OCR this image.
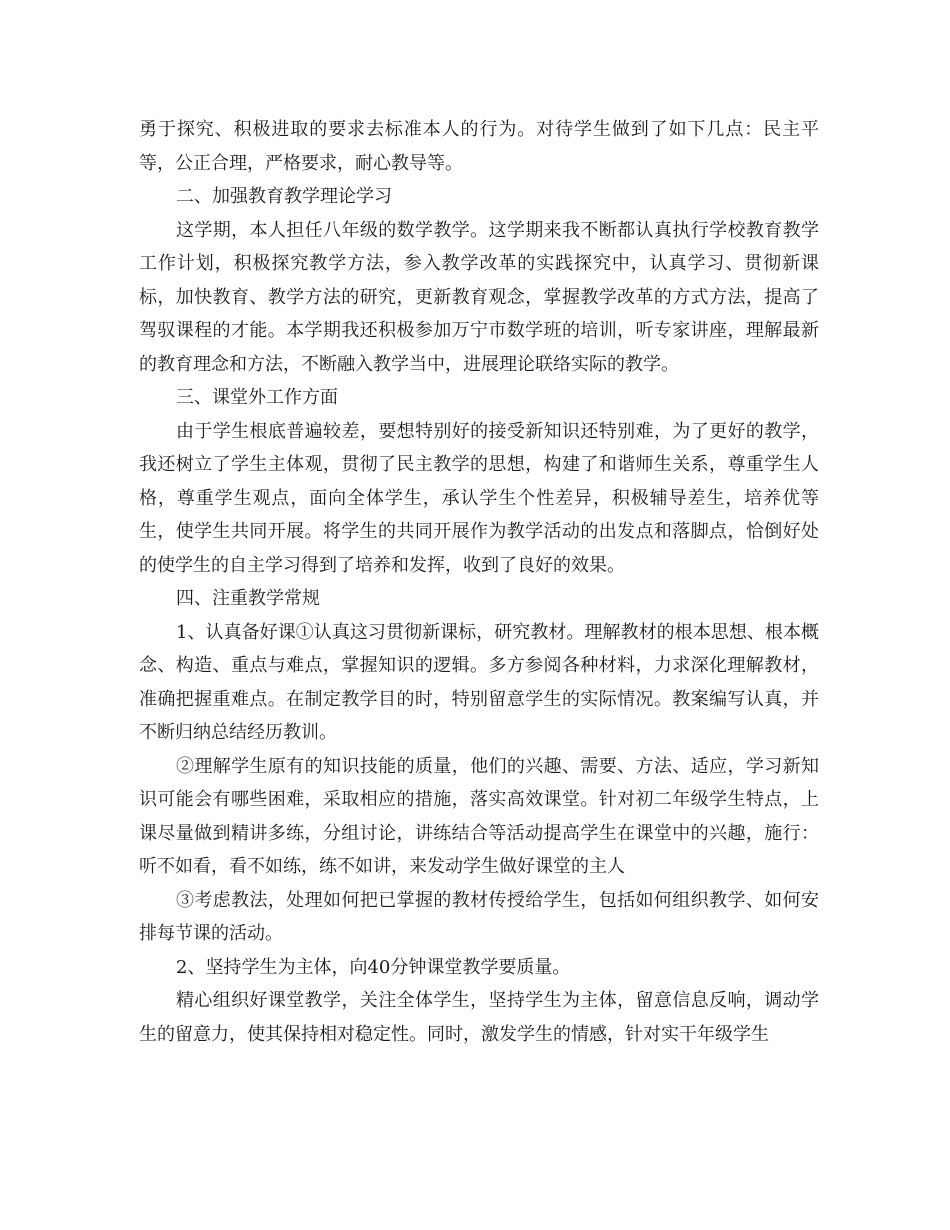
勇于探究、积极进取的要求去标准本人的行为。对待学生做到了如下几点：民主平等，公正合理，严格要求，耐心教导等。

二、加强教育教学理论学习

这学期，本人担任八年级的数学教学。这学期来我不断都认真执行学校教育教学工作计划，积极探究教学方法，参入教学改革的实践探究中，认真学习、贯彻新课标，加快教育、教学方法的研究，更新教育观念，掌握教学改革的方式方法，提高了驾驭课程的才能。本学期我还积极参加万宁市数学班的培训，听专家讲座，理解最新的教育理念和方法，不断融入教学当中，进展理论联络实际的教学。

三、课堂外工作方面

由于学生根底普遍较差，要想特别好的接受新知识还特别难，为了更好的教学，我还树立了学生主体观，贯彻了民主教学的思想，构建了和谐师生关系，尊重学生人格，尊重学生观点，面向全体学生，承认学生个性差异，积极辅导差生，培养优等生，使学生共同开展。将学生的共同开展作为教学活动的出发点和落脚点，恰倒好处的使学生的自主学习得到了培养和发挥，收到了良好的效果。

四、注重教学常规

1、认真备好课①认真这习贯彻新课标，研究教材。理解教材的根本思想、根本概念、构造、重点与难点，掌握知识的逻辑。多方参阅各种材料，力求深化理解教材，准确把握重难点。在制定教学目的时，特别留意学生的实际情况。教案编写认真，并不断归纳总结经历教训。

②理解学生原有的知识技能的质量，他们的兴趣、需要、方法、适应，学习新知识可能会有哪些困难，采取相应的措施，落实高效课堂。针对初二年级学生特点，上课尽量做到精讲多练，分组讨论，讲练结合等活动提高学生在课堂中的兴趣，施行：听不如看，看不如练，练不如讲，来发动学生做好课堂的主人

③考虑教法，处理如何把已掌握的教材传授给学生，包括如何组织教学、如何安排每节课的活动。

2、坚持学生为主体，向40分钟课堂教学要质量。

精心组织好课堂教学，关注全体学生，坚持学生为主体，留意信息反响，调动学生的留意力，使其保持相对稳定性。同时，激发学生的情感，针对实干年级学生
